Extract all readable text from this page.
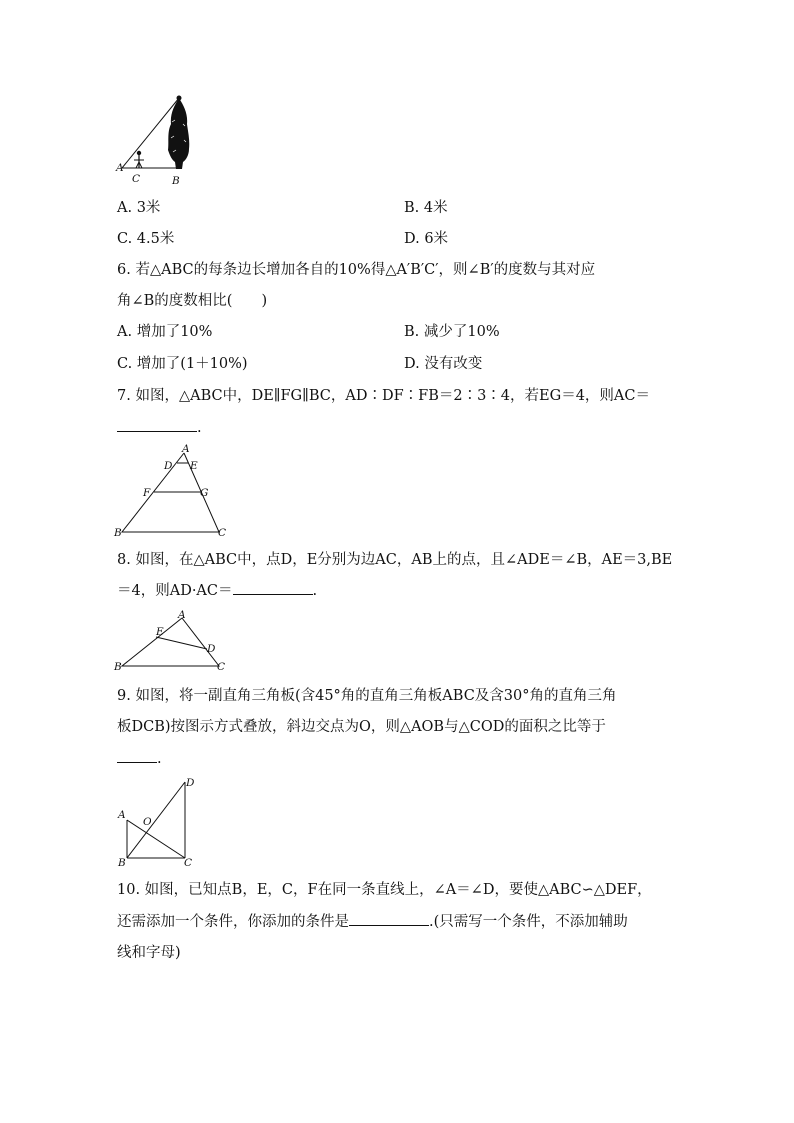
A
C	B
A. 3米	B. 4米
C. 4.5米	D. 6米
6. 若△ABC的每条边长增加各自的10%得△A′B′C′，则∠B′的度数与其对应
角∠B的度数相比(　　)
A. 增加了10%	B. 减少了10%
C. 增加了(1＋10%)	D. 没有改变
7. 如图，△ABC中，DE∥FG∥BC，AD∶DF∶FB＝2∶3∶4，若EG＝4，则AC＝
.
A
D E
F	G
B	C
8. 如图，在△ABC中，点D，E分别为边AC，AB上的点，且∠ADE＝∠B，AE＝3,BE
＝4，则AD·AC＝	.
A
E
D
B	C
9. 如图，将一副直角三角板(含45°角的直角三角板ABC及含30°角的直角三角
板DCB)按图示方式叠放，斜边交点为O，则△AOB与△COD的面积之比等于
.
D
A
O
B	C
10. 如图，已知点B，E，C，F在同一条直线上，∠A＝∠D，要使△ABC∽△DEF，
还需添加一个条件，你添加的条件是	.(只需写一个条件，不添加辅助
线和字母)
